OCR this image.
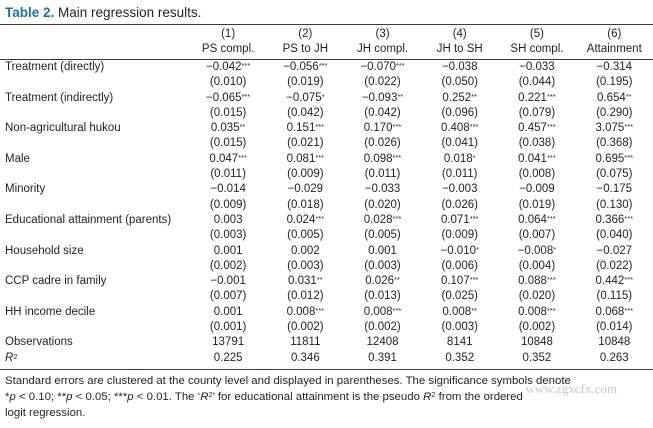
Table 2. Main regression results.
	(1)	(2)	(3)	(4)	(5)	(6)
	PS compl.	PS to JH	JH compl.	JH to SH	SH compl.	Attainment

Treatment (directly)	−0.042***	−0.056***	−0.070***	−0.038	−0.033	−0.314
	(0.010)	(0.019)	(0.022)	(0.050)	(0.044)	(0.195)
Treatment (indirectly)	−0.065***	−0.075*	−0.093**	0.252**	0.221***	0.654**
	(0.015)	(0.042)	(0.042)	(0.096)	(0.079)	(0.290)
Non-agricultural hukou	0.035**	0.151***	0.170***	0.408***	0.457***	3.075***
	(0.015)	(0.021)	(0.026)	(0.041)	(0.038)	(0.368)
Male	0.047***	0.081***	0.098***	0.018*	0.041***	0.695***
	(0.011)	(0.009)	(0.011)	(0.011)	(0.008)	(0.075)
Minority	−0.014	−0.029	−0.033	−0.003	−0.009	−0.175
	(0.009)	(0.018)	(0.020)	(0.026)	(0.019)	(0.130)
Educational attainment (parents)	0.003	0.024***	0.028***	0.071***	0.064***	0.366***
	(0.003)	(0.005)	(0.005)	(0.009)	(0.007)	(0.040)
Household size	0.001	0.002	0.001	−0.010*	−0.008*	−0.027
	(0.002)	(0.003)	(0.003)	(0.006)	(0.004)	(0.022)
CCP cadre in family	−0.001	0.031**	0.026**	0.107***	0.088***	0.442***
	(0.007)	(0.012)	(0.013)	(0.025)	(0.020)	(0.115)
HH income decile	0.001	0.008***	0.008***	0.008**	0.008***	0.068***
	(0.001)	(0.002)	(0.002)	(0.003)	(0.002)	(0.014)
Observations	13791	11811	12408	8141	10848	10848
$R^2$	0.225	0.346	0.391	0.352	0.352	0.263
Standard errors are clustered at the county level and displayed in parentheses. The significance symbols denote
*p < 0.10; **p < 0.05; ***p < 0.01. The ‘$R^2$’ for educational attainment is the pseudo $R^2$ from the ordered
logit regression.
www.zgxcfx.com
